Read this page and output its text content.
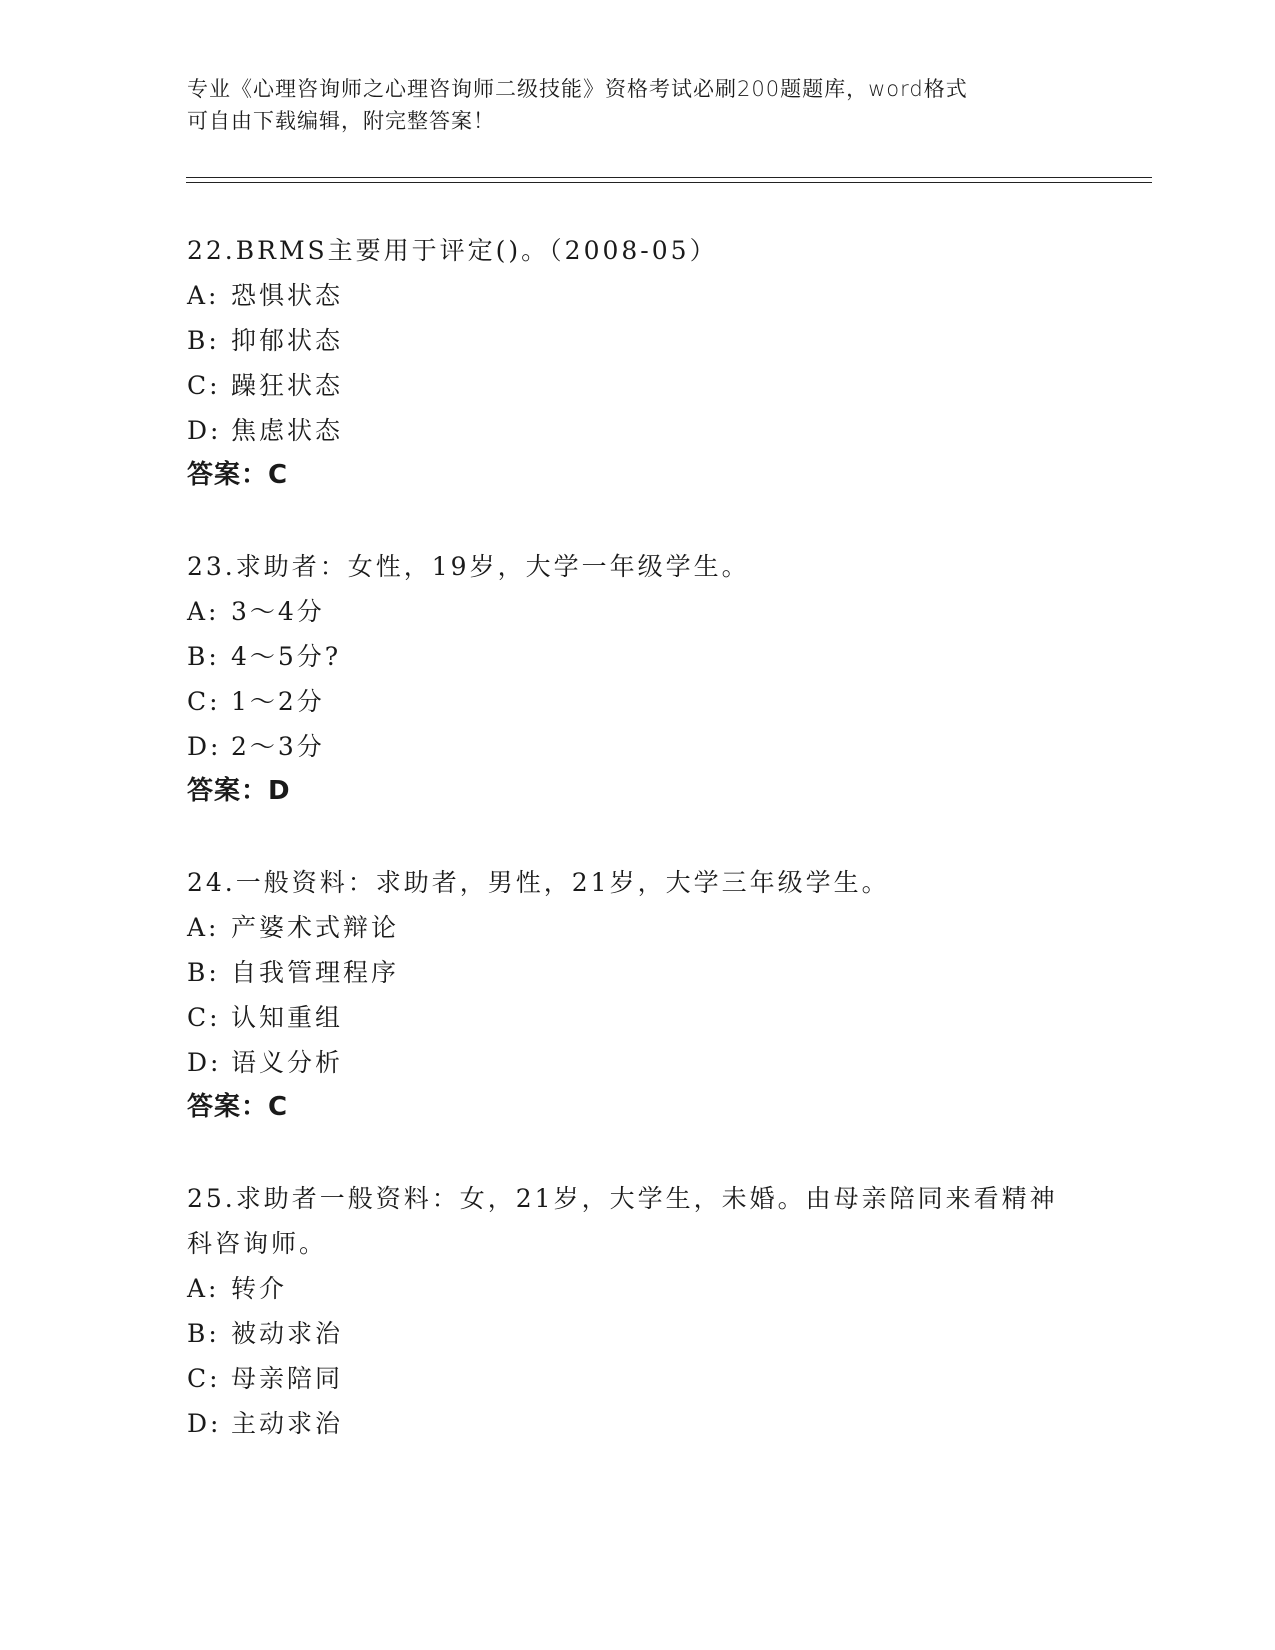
专业《心理咨询师之心理咨询师二级技能》资格考试必刷200题题库，word格式
可自由下载编辑，附完整答案！
22.BRMS主要用于评定()。（2008-05）
A: 恐惧状态
B: 抑郁状态
C: 躁狂状态
D: 焦虑状态
答案：C
23.求助者：女性，19岁，大学一年级学生。
A: 3～4分
B: 4～5分?
C: 1～2分
D: 2～3分
答案：D
24.一般资料：求助者，男性，21岁，大学三年级学生。
A: 产婆术式辩论
B: 自我管理程序
C: 认知重组
D: 语义分析
答案：C
25.求助者一般资料：女，21岁，大学生，未婚。由母亲陪同来看精神
科咨询师。
A: 转介
B: 被动求治
C: 母亲陪同
D: 主动求治
